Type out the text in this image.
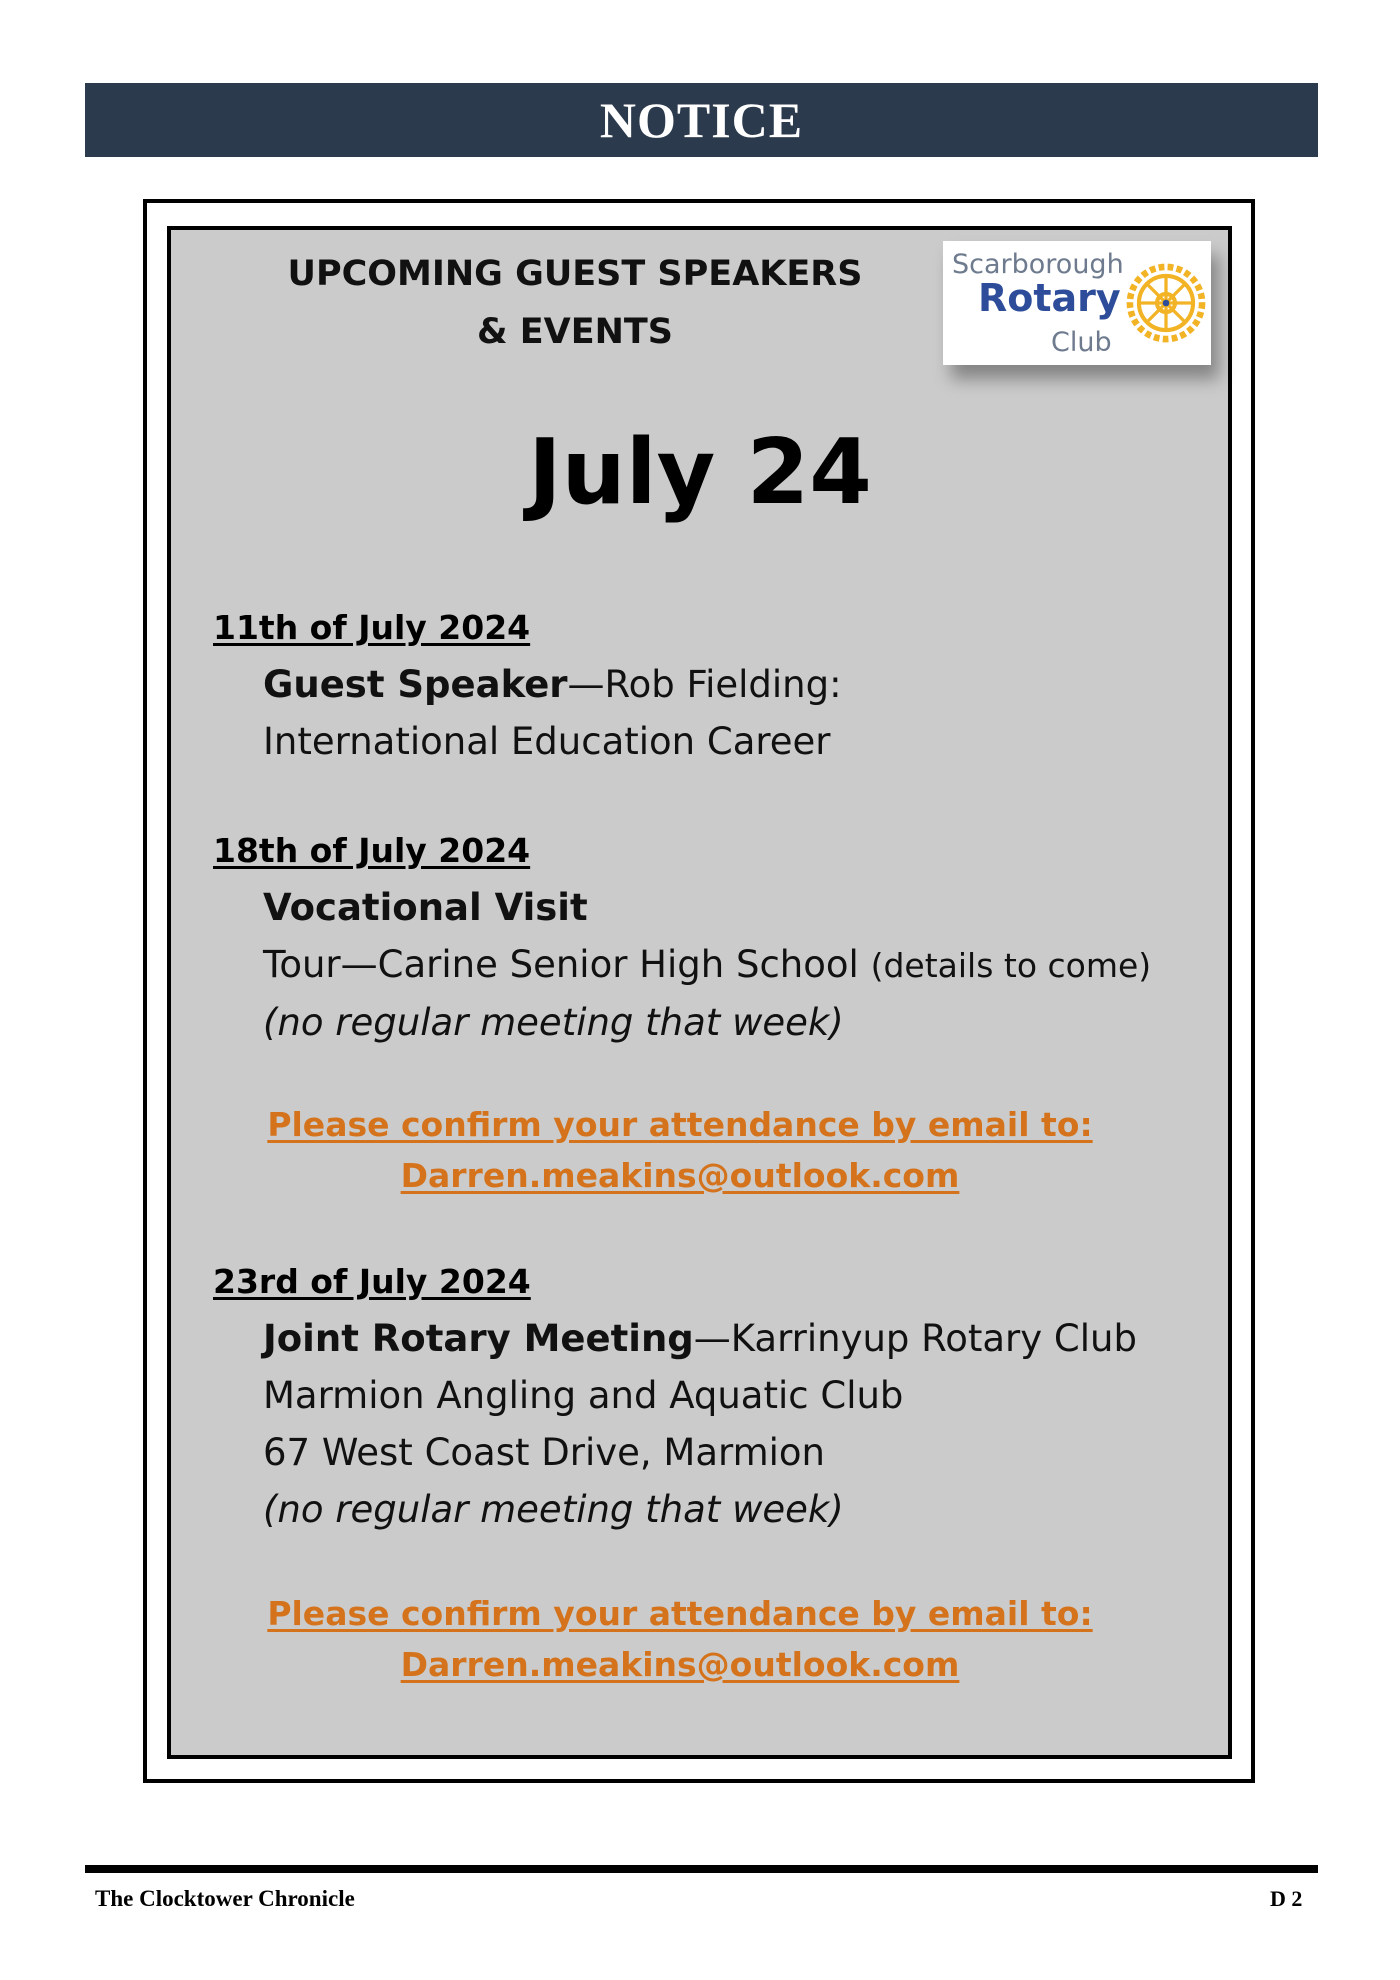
NOTICE
UPCOMING GUEST SPEAKERS
& EVENTS
Scarborough
Rotary
Club
July 24
11th of July 2024
Guest Speaker—Rob Fielding:
International Education Career
18th of July 2024
Vocational Visit
Tour—Carine Senior High School (details to come)
(no regular meeting that week)
Please confirm your attendance by email to:
Darren.meakins@outlook.com
23rd of July 2024
Joint Rotary Meeting—Karrinyup Rotary Club
Marmion Angling and Aquatic Club
67 West Coast Drive, Marmion
(no regular meeting that week)
Please confirm your attendance by email to:
Darren.meakins@outlook.com
The Clocktower Chronicle	D 2
